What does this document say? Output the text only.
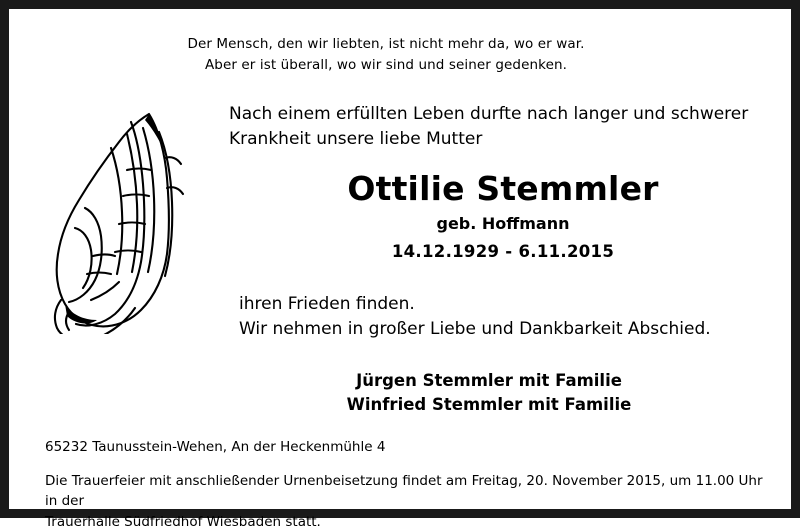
Der Mensch, den wir liebten, ist nicht mehr da, wo er war.
Aber er ist überall, wo wir sind und seiner gedenken.
Nach einem erfüllten Leben durfte nach langer und schwerer
Krankheit unsere liebe Mutter
Ottilie Stemmler
geb. Hoffmann
14.12.1929 - 6.11.2015
ihren Frieden finden.
Wir nehmen in großer Liebe und Dankbarkeit Abschied.
Jürgen Stemmler mit Familie
Winfried Stemmler mit Familie
65232 Taunusstein-Wehen, An der Heckenmühle 4
Die Trauerfeier mit anschließender Urnenbeisetzung findet am Freitag, 20. November 2015, um 11.00 Uhr in der
Trauerhalle Südfriedhof Wiesbaden statt.
